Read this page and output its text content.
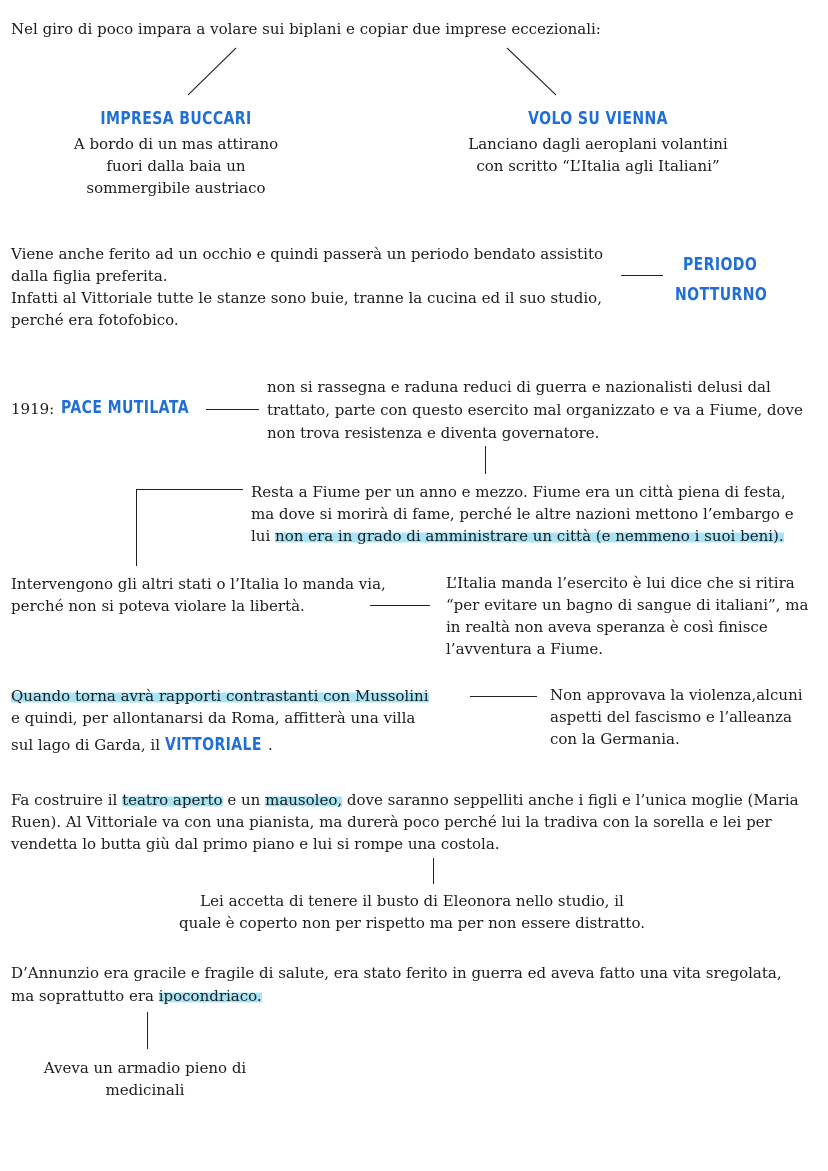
Nel giro di poco impara a volare sui biplani e copiar due imprese eccezionali:

IMPRESA BUCCARI

A bordo di un mas attirano

fuori dalla baia un

sommergibile austriaco

VOLO SU VIENNA

Lanciano dagli aeroplani volantini

con scritto “L’Italia agli Italiani”

Viene anche ferito ad un occhio e quindi passerà un periodo bendato assistito

dalla figlia preferita.

Infatti al Vittoriale tutte le stanze sono buie, tranne la cucina ed il suo studio,

perché era fotofobico.

PERIODO
NOTTURNO

1919: PACE MUTILATA

non si rassegna e raduna reduci di guerra e nazionalisti delusi dal

trattato, parte con questo esercito mal organizzato e va a Fiume, dove

non trova resistenza e diventa governatore.

Resta a Fiume per un anno e mezzo. Fiume era un città piena di festa,

ma dove si morirà di fame, perché le altre nazioni mettono l’embargo e

lui non era in grado di amministrare un città (e nemmeno i suoi beni).

Intervengono gli altri stati o l’Italia lo manda via,

perché non si poteva violare la libertà.

L’Italia manda l’esercito è lui dice che si ritira

“per evitare un bagno di sangue di italiani”, ma

in realtà non aveva speranza è così finisce

l’avventura a Fiume.

Quando torna avrà rapporti contrastanti con Mussolini

e quindi, per allontanarsi da Roma, affitterà una villa

sul lago di Garda, il VITTORIALE .

Non approvava la violenza,alcuni

aspetti del fascismo e l’alleanza

con la Germania.

Fa costruire il teatro aperto e un mausoleo, dove saranno seppelliti anche i figli e l’unica moglie (Maria

Ruen). Al Vittoriale va con una pianista, ma durerà poco perché lui la tradiva con la sorella e lei per

vendetta lo butta giù dal primo piano e lui si rompe una costola.

Lei accetta di tenere il busto di Eleonora nello studio, il

quale è coperto non per rispetto ma per non essere distratto.

D’Annunzio era gracile e fragile di salute, era stato ferito in guerra ed aveva fatto una vita sregolata,

ma soprattutto era ipocondriaco.

Aveva un armadio pieno di

medicinali
